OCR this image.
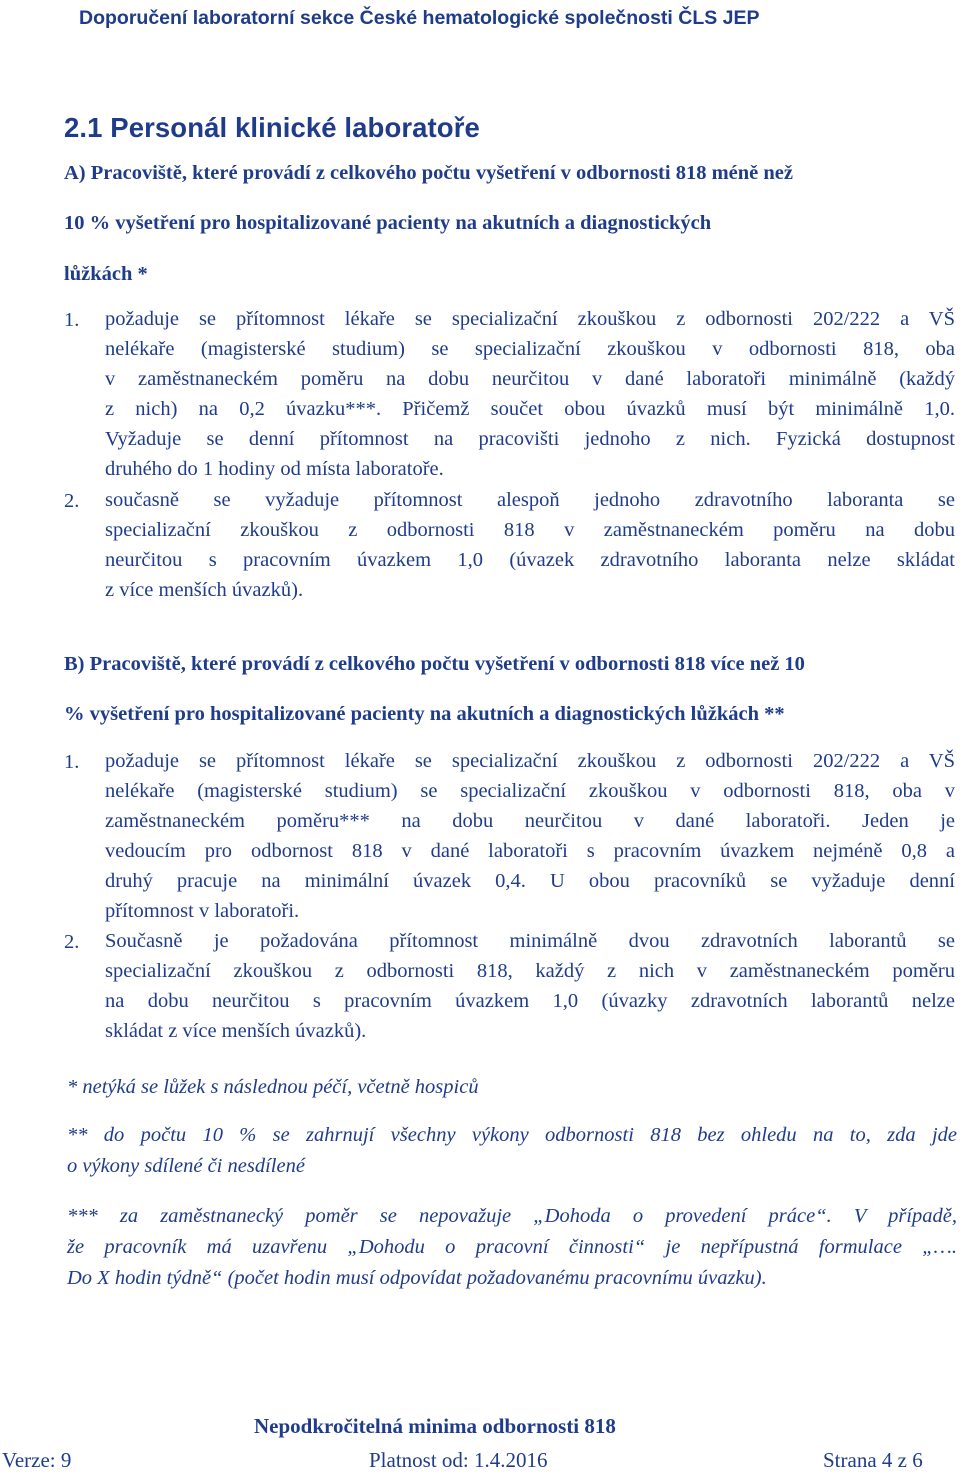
Doporučení laboratorní sekce České hematologické společnosti ČLS JEP
2.1 Personál klinické laboratoře
A) Pracoviště, které provádí z celkového počtu vyšetření v odbornosti 818 méně než
10 % vyšetření pro hospitalizované pacienty na akutních a diagnostických
lůžkách *
1. požaduje se přítomnost lékaře se specializační zkouškou z odbornosti 202/222 a VŠ
nelékaře (magisterské studium) se specializační zkouškou v odbornosti 818, oba
v zaměstnaneckém poměru na dobu neurčitou v dané laboratoři minimálně (každý
z nich) na 0,2 úvazku***. Přičemž součet obou úvazků musí být minimálně 1,0.
Vyžaduje se denní přítomnost na pracovišti jednoho z nich. Fyzická dostupnost
druhého do 1 hodiny od místa laboratoře.
2. současně se vyžaduje přítomnost alespoň jednoho zdravotního laboranta se
specializační zkouškou z odbornosti 818 v zaměstnaneckém poměru na dobu
neurčitou s pracovním úvazkem 1,0 (úvazek zdravotního laboranta nelze skládat
z více menších úvazků).
B) Pracoviště, které provádí z celkového počtu vyšetření v odbornosti 818 více než 10
% vyšetření pro hospitalizované pacienty na akutních a diagnostických lůžkách **
1. požaduje se přítomnost lékaře se specializační zkouškou z odbornosti 202/222 a VŠ
nelékaře (magisterské studium) se specializační zkouškou v odbornosti 818, oba v
zaměstnaneckém poměru*** na dobu neurčitou v dané laboratoři. Jeden je
vedoucím pro odbornost 818 v dané laboratoři s pracovním úvazkem nejméně 0,8 a
druhý pracuje na minimální úvazek 0,4. U obou pracovníků se vyžaduje denní
přítomnost v laboratoři.
2. Současně je požadována přítomnost minimálně dvou zdravotních laborantů se
specializační zkouškou z odbornosti 818, každý z nich v zaměstnaneckém poměru
na dobu neurčitou s pracovním úvazkem 1,0 (úvazky zdravotních laborantů nelze
skládat z více menších úvazků).
* netýká se lůžek s následnou péčí, včetně hospiců
** do počtu 10 % se zahrnují všechny výkony odbornosti 818 bez ohledu na to, zda jde
o výkony sdílené či nesdílené
*** za zaměstnanecký poměr se nepovažuje „Dohoda o provedení práce“. V případě,
že pracovník má uzavřenu „Dohodu o pracovní činnosti“ je nepřípustná formulace „….
Do X hodin týdně“ (počet hodin musí odpovídat požadovanému pracovnímu úvazku).
Nepodkročitelná minima odbornosti 818
Verze: 9	Platnost od: 1.4.2016	Strana 4 z 6
